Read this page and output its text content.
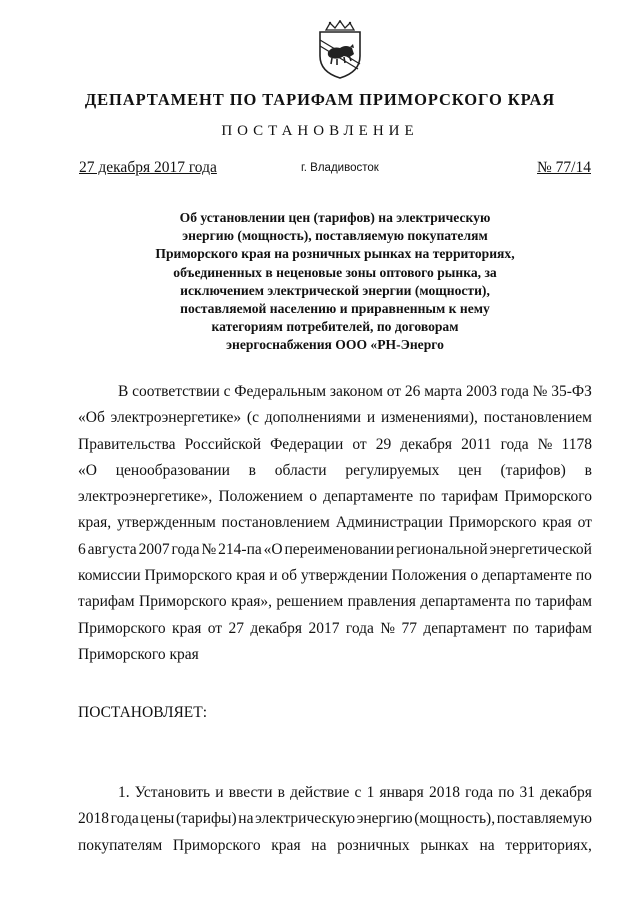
ДЕПАРТАМЕНТ ПО ТАРИФАМ ПРИМОРСКОГО КРАЯ
ПОСТАНОВЛЕНИЕ
27 декабря 2017 года	г. Владивосток	№ 77/14
Об установлении цен (тарифов) на электрическую
энергию (мощность), поставляемую покупателям
Приморского края на розничных рынках на территориях,
объединенных в неценовые зоны оптового рынка, за
исключением электрической энергии (мощности),
поставляемой населению и приравненным к нему
категориям потребителей, по договорам
энергоснабжения ООО «РН-Энерго
В соответствии с Федеральным законом от 26 марта 2003 года № 35-ФЗ
«Об электроэнергетике» (с дополнениями и изменениями), постановлением
Правительства Российской Федерации от 29 декабря 2011 года № 1178
«О ценообразовании в области регулируемых цен (тарифов) в
электроэнергетике», Положением о департаменте по тарифам Приморского
края, утвержденным постановлением Администрации Приморского края от
6 августа 2007 года № 214-па «О переименовании региональной энергетической
комиссии Приморского края и об утверждении Положения о департаменте по
тарифам Приморского края», решением правления департамента по тарифам
Приморского края от 27 декабря 2017 года № 77 департамент по тарифам
Приморского края
ПОСТАНОВЛЯЕТ:
1. Установить и ввести в действие с 1 января 2018 года по 31 декабря
2018 года цены (тарифы) на электрическую энергию (мощность), поставляемую
покупателям Приморского края на розничных рынках на территориях,
